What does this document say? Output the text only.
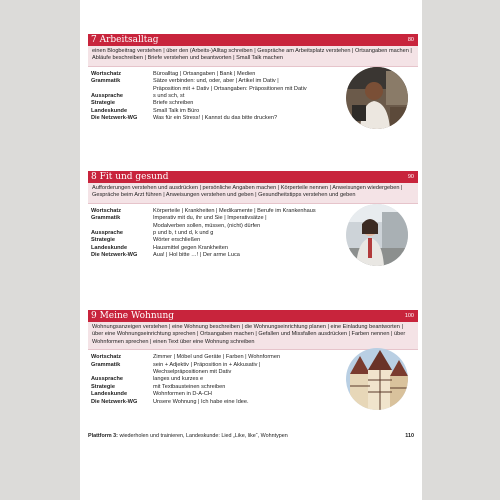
7 Arbeitsalltag	80
einen Blogbeitrag verstehen | über den (Arbeits-)Alltag schreiben | Gespräche am Arbeitsplatz verstehen | Ortsangaben machen | Abläufe beschreiben | Briefe verstehen und beantworten | Small Talk machen
Wortschatz	Büroalltag | Ortsangaben | Bank | Medien
Grammatik	Sätze verbinden: und, oder, aber | Artikel im Dativ |
Präposition mit + Dativ | Ortsangaben: Präpositionen mit Dativ
Aussprache	s und sch, st
Strategie	Briefe schreiben
Landeskunde	Small Talk im Büro
Die Netzwerk-WG	Was für ein Stress! | Kannst du das bitte drucken?
8 Fit und gesund	90
Aufforderungen verstehen und ausdrücken | persönliche Angaben machen | Körperteile nennen | Anweisungen wiedergeben | Gespräche beim Arzt führen | Anweisungen verstehen und geben | Gesundheitstipps verstehen und geben
Wortschatz	Körperteile | Krankheiten | Medikamente | Berufe im Krankenhaus
Grammatik	Imperativ mit du, ihr und Sie | Imperativsätze |
Modalverben sollen, müssen, (nicht) dürfen
Aussprache	p und b, t und d, k und g
Strategie	Wörter erschließen
Landeskunde	Hausmittel gegen Krankheiten
Die Netzwerk-WG	Aua! | Hol bitte …! | Der arme Luca
9 Meine Wohnung	100
Wohnungsanzeigen verstehen | eine Wohnung beschreiben | die Wohnungseinrichtung planen | eine Einladung beantworten | über eine Wohnungseinrichtung sprechen | Ortsangaben machen | Gefallen und Missfallen ausdrücken | Farben nennen | über Wohnformen sprechen | einen Text über eine Wohnung schreiben
Wortschatz	Zimmer | Möbel und Geräte | Farben | Wohnformen
Grammatik	sein + Adjektiv | Präposition in + Akkusativ |
Wechselpräpositionen mit Dativ
Aussprache	langes und kurzes e
Strategie	mit Textbausteinen schreiben
Landeskunde	Wohnformen in D-A-CH
Die Netzwerk-WG	Unsere Wohnung | Ich habe eine Idee.
Plattform 3: wiederholen und trainieren, Landeskunde: Lied „Like, like“, Wohntypen	110
